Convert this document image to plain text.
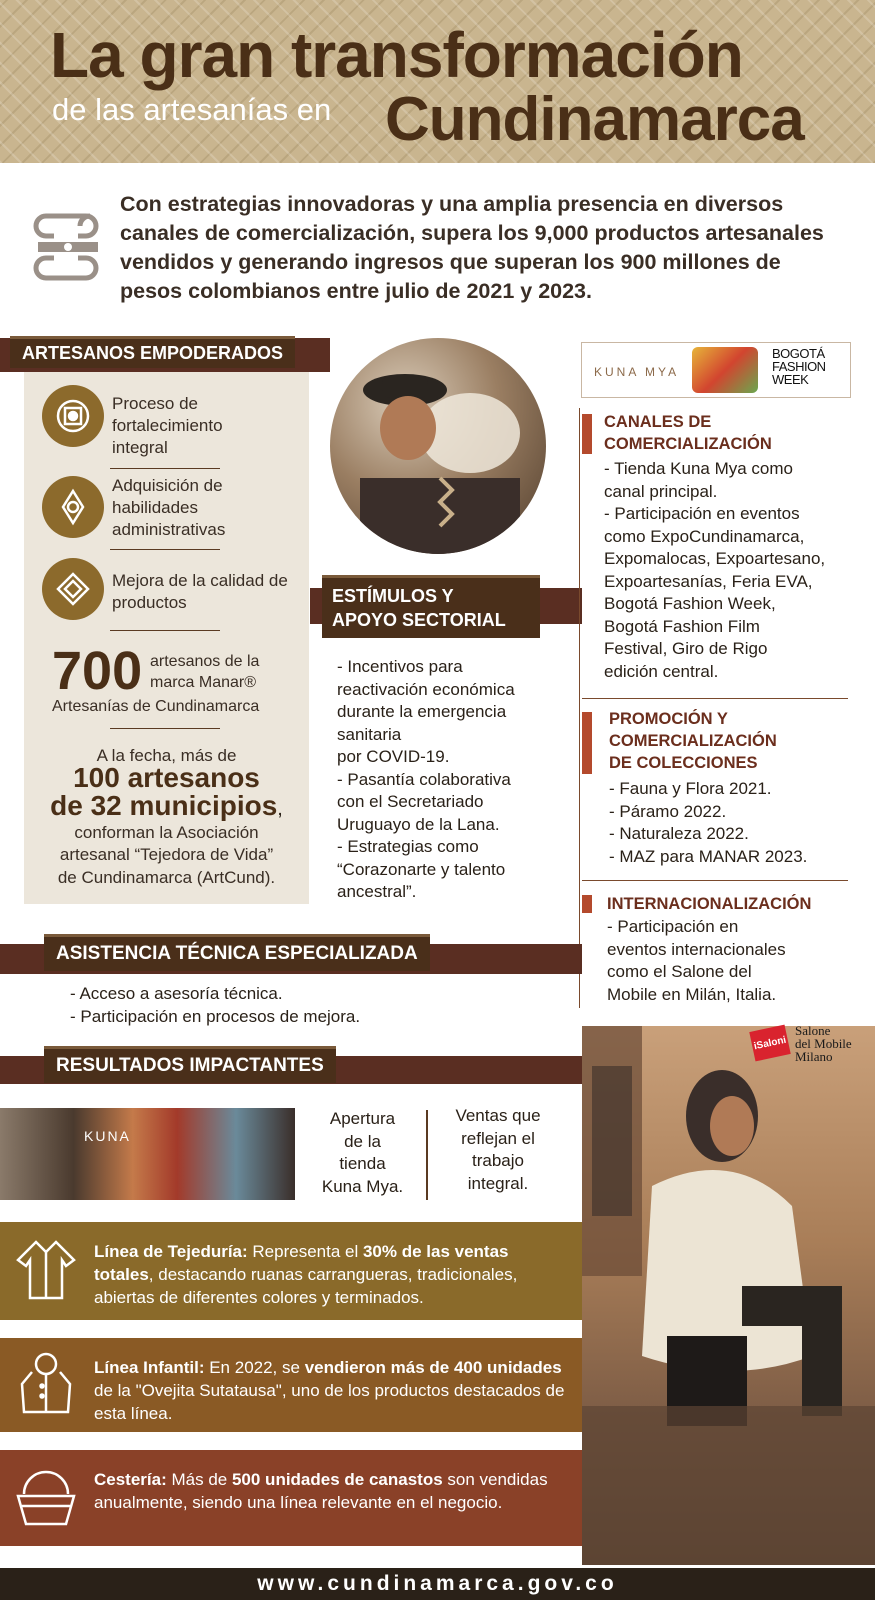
La gran transformación
de las artesanías en Cundinamarca
Con estrategias innovadoras y una amplia presencia en diversos canales de comercialización, supera los 9,000 productos artesanales vendidos y generando ingresos que superan los 900 millones de pesos colombianos entre julio de 2021 y 2023.
ARTESANOS EMPODERADOS
Proceso de fortalecimiento integral
Adquisición de habilidades administrativas
Mejora de la calidad de productos
700 artesanos de la
marca Manar®
Artesanías de Cundinamarca
A la fecha, más de
100 artesanos
de 32 municipios,
conforman la Asociación
artesanal “Tejedora de Vida”
de Cundinamarca (ArtCund).
ESTÍMULOS Y
APOYO SECTORIAL
- Incentivos para
reactivación económica
durante la emergencia
sanitaria
por COVID-19.
- Pasantía colaborativa
con el Secretariado
Uruguayo de la Lana.
- Estrategias como
“Corazonarte y talento
ancestral”.
KUNA MYA
BOGOTÁ
FASHION
WEEK
CANALES DE
COMERCIALIZACIÓN
- Tienda Kuna Mya como
canal principal.
- Participación en eventos
como ExpoCundinamarca,
Expomalocas, Expoartesano,
Expoartesanías, Feria EVA,
Bogotá Fashion Week,
Bogotá Fashion Film
Festival, Giro de Rigo
edición central.
PROMOCIÓN Y
COMERCIALIZACIÓN
DE COLECCIONES
- Fauna y Flora 2021.
- Páramo 2022.
- Naturaleza 2022.
- MAZ para MANAR 2023.
INTERNACIONALIZACIÓN
- Participación en
eventos internacionales
como el Salone del
Mobile en Milán, Italia.
iSaloni
Salone
del Mobile
Milano
ASISTENCIA TÉCNICA ESPECIALIZADA
- Acceso a asesoría técnica.
- Participación en procesos de mejora.
RESULTADOS IMPACTANTES
KUNA
Apertura
de la
tienda
Kuna Mya.
Ventas que
reflejan el
trabajo
integral.
Línea de Tejeduría: Representa el 30% de las ventas totales, destacando ruanas carrangueras, tradicionales, abiertas de diferentes colores y terminados.
Línea Infantil: En 2022, se vendieron más de 400 unidades de la "Ovejita Sutatausa", uno de los productos destacados de esta línea.
Cestería: Más de 500 unidades de canastos son vendidas anualmente, siendo una línea relevante en el negocio.
www.cundinamarca.gov.co
